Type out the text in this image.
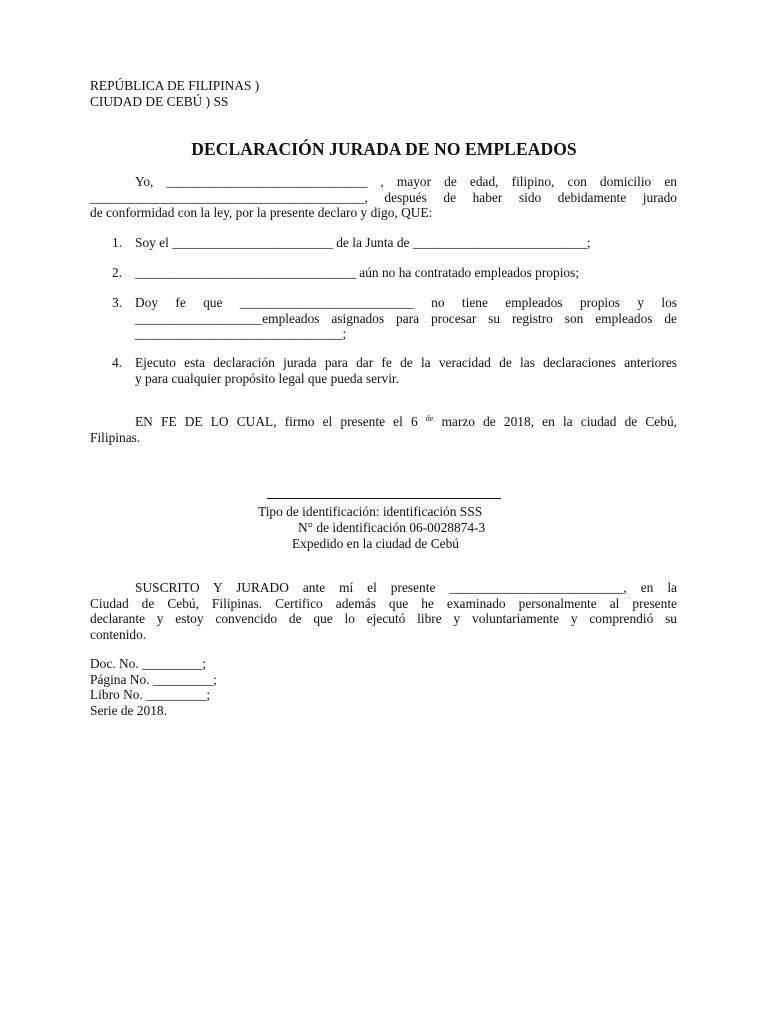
REPÚBLICA DE FILIPINAS )
CIUDAD DE CEBÚ ) SS
DECLARACIÓN JURADA DE NO EMPLEADOS
Yo, ______________________________ , mayor de edad, filipino, con domicilio en
_________________________________________, después de haber sido debidamente jurado
de conformidad con la ley, por la presente declaro y digo, QUE:
1. Soy el ________________________ de la Junta de __________________________;
2. _________________________________ aún no ha contratado empleados propios;
3. Doy fe que __________________________ no tiene empleados propios y los
___________________empleados asignados para procesar su registro son empleados de
_______________________________;
4. Ejecuto esta declaración jurada para dar fe de la veracidad de las declaraciones anteriores
y para cualquier propósito legal que pueda servir.
EN FE DE LO CUAL, firmo el presente el 6 $^{de}$ marzo de 2018, en la ciudad de Cebú,
Filipinas.
Tipo de identificación: identificación SSS
N° de identificación 06-0028874-3
Expedido en la ciudad de Cebú
SUSCRITO Y JURADO ante mí el presente __________________________, en la
Ciudad de Cebú, Filipinas. Certifico además que he examinado personalmente al presente
declarante y estoy convencido de que lo ejecutó libre y voluntariamente y comprendió su
contenido.
Doc. No. _________;
Página No. _________;
Libro No. _________;
Serie de 2018.
